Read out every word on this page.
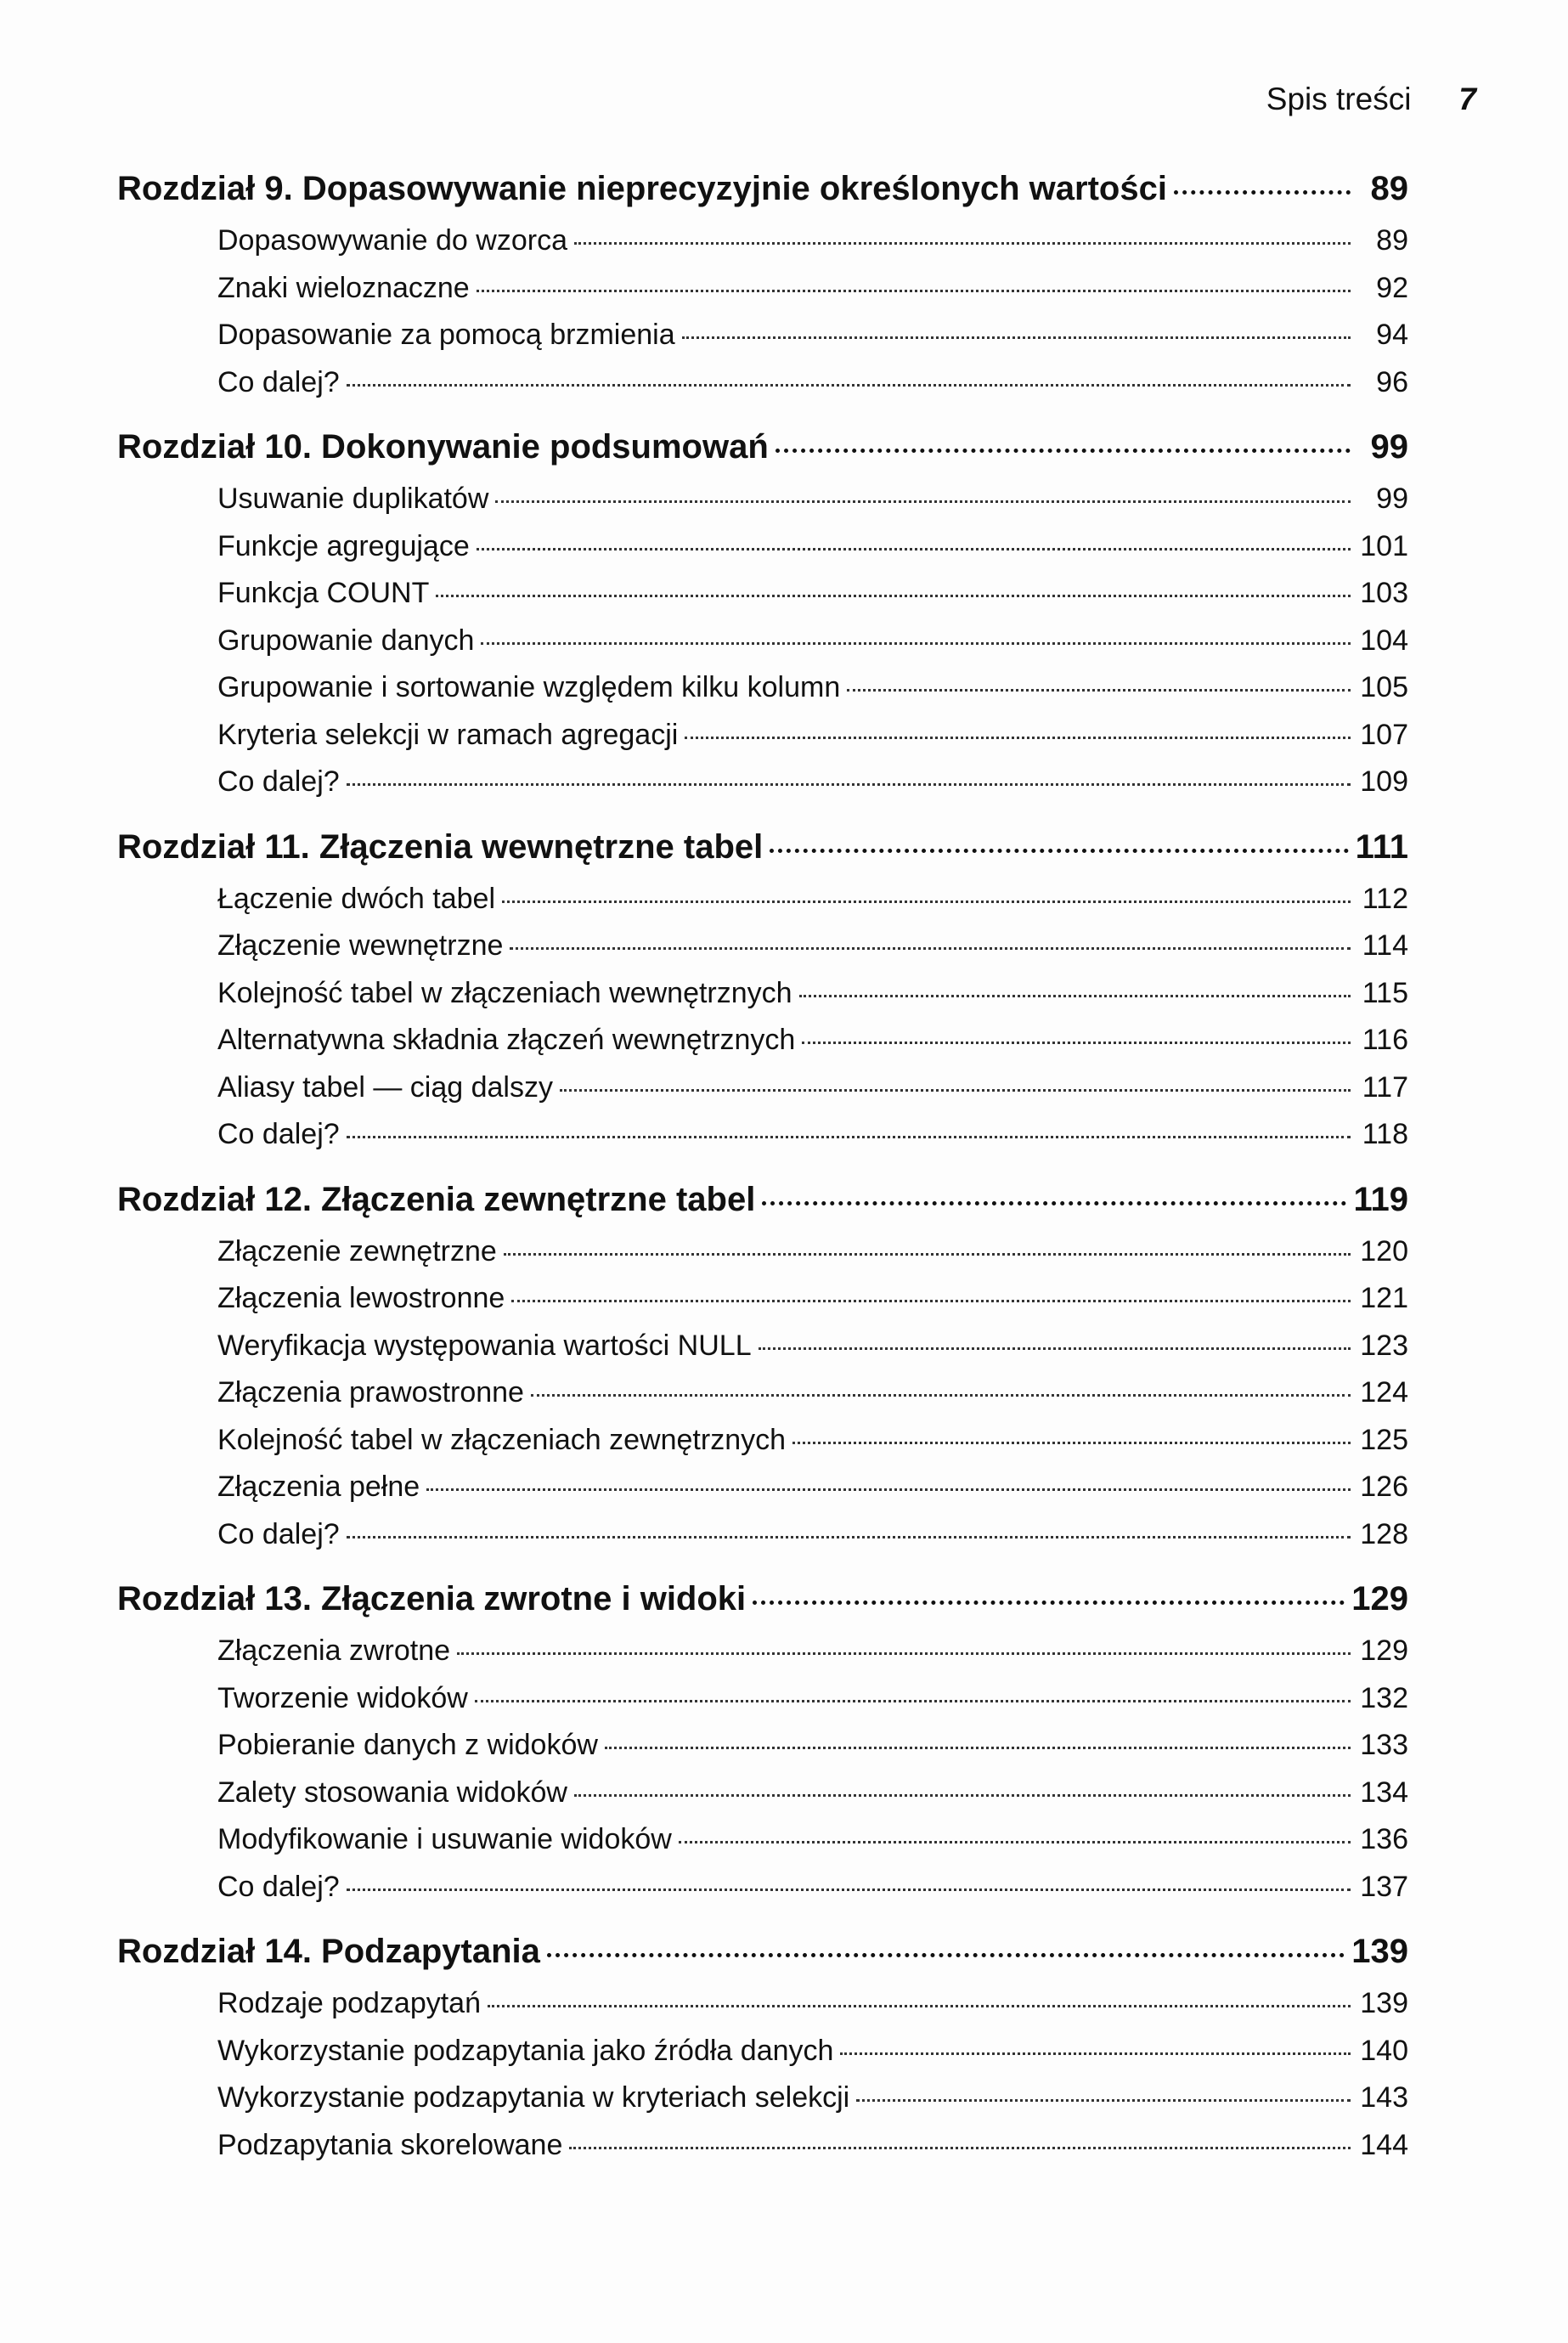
Spis treści 7
Rozdział 9. Dopasowywanie nieprecyzyjnie określonych wartości	89
Dopasowywanie do wzorca	89
Znaki wieloznaczne	92
Dopasowanie za pomocą brzmienia	94
Co dalej?	96
Rozdział 10. Dokonywanie podsumowań	99
Usuwanie duplikatów	99
Funkcje agregujące	101
Funkcja COUNT	103
Grupowanie danych	104
Grupowanie i sortowanie względem kilku kolumn	105
Kryteria selekcji w ramach agregacji	107
Co dalej?	109
Rozdział 11. Złączenia wewnętrzne tabel	111
Łączenie dwóch tabel	112
Złączenie wewnętrzne	114
Kolejność tabel w złączeniach wewnętrznych	115
Alternatywna składnia złączeń wewnętrznych	116
Aliasy tabel — ciąg dalszy	117
Co dalej?	118
Rozdział 12. Złączenia zewnętrzne tabel	119
Złączenie zewnętrzne	120
Złączenia lewostronne	121
Weryfikacja występowania wartości NULL	123
Złączenia prawostronne	124
Kolejność tabel w złączeniach zewnętrznych	125
Złączenia pełne	126
Co dalej?	128
Rozdział 13. Złączenia zwrotne i widoki	129
Złączenia zwrotne	129
Tworzenie widoków	132
Pobieranie danych z widoków	133
Zalety stosowania widoków	134
Modyfikowanie i usuwanie widoków	136
Co dalej?	137
Rozdział 14. Podzapytania	139
Rodzaje podzapytań	139
Wykorzystanie podzapytania jako źródła danych	140
Wykorzystanie podzapytania w kryteriach selekcji	143
Podzapytania skorelowane	144
